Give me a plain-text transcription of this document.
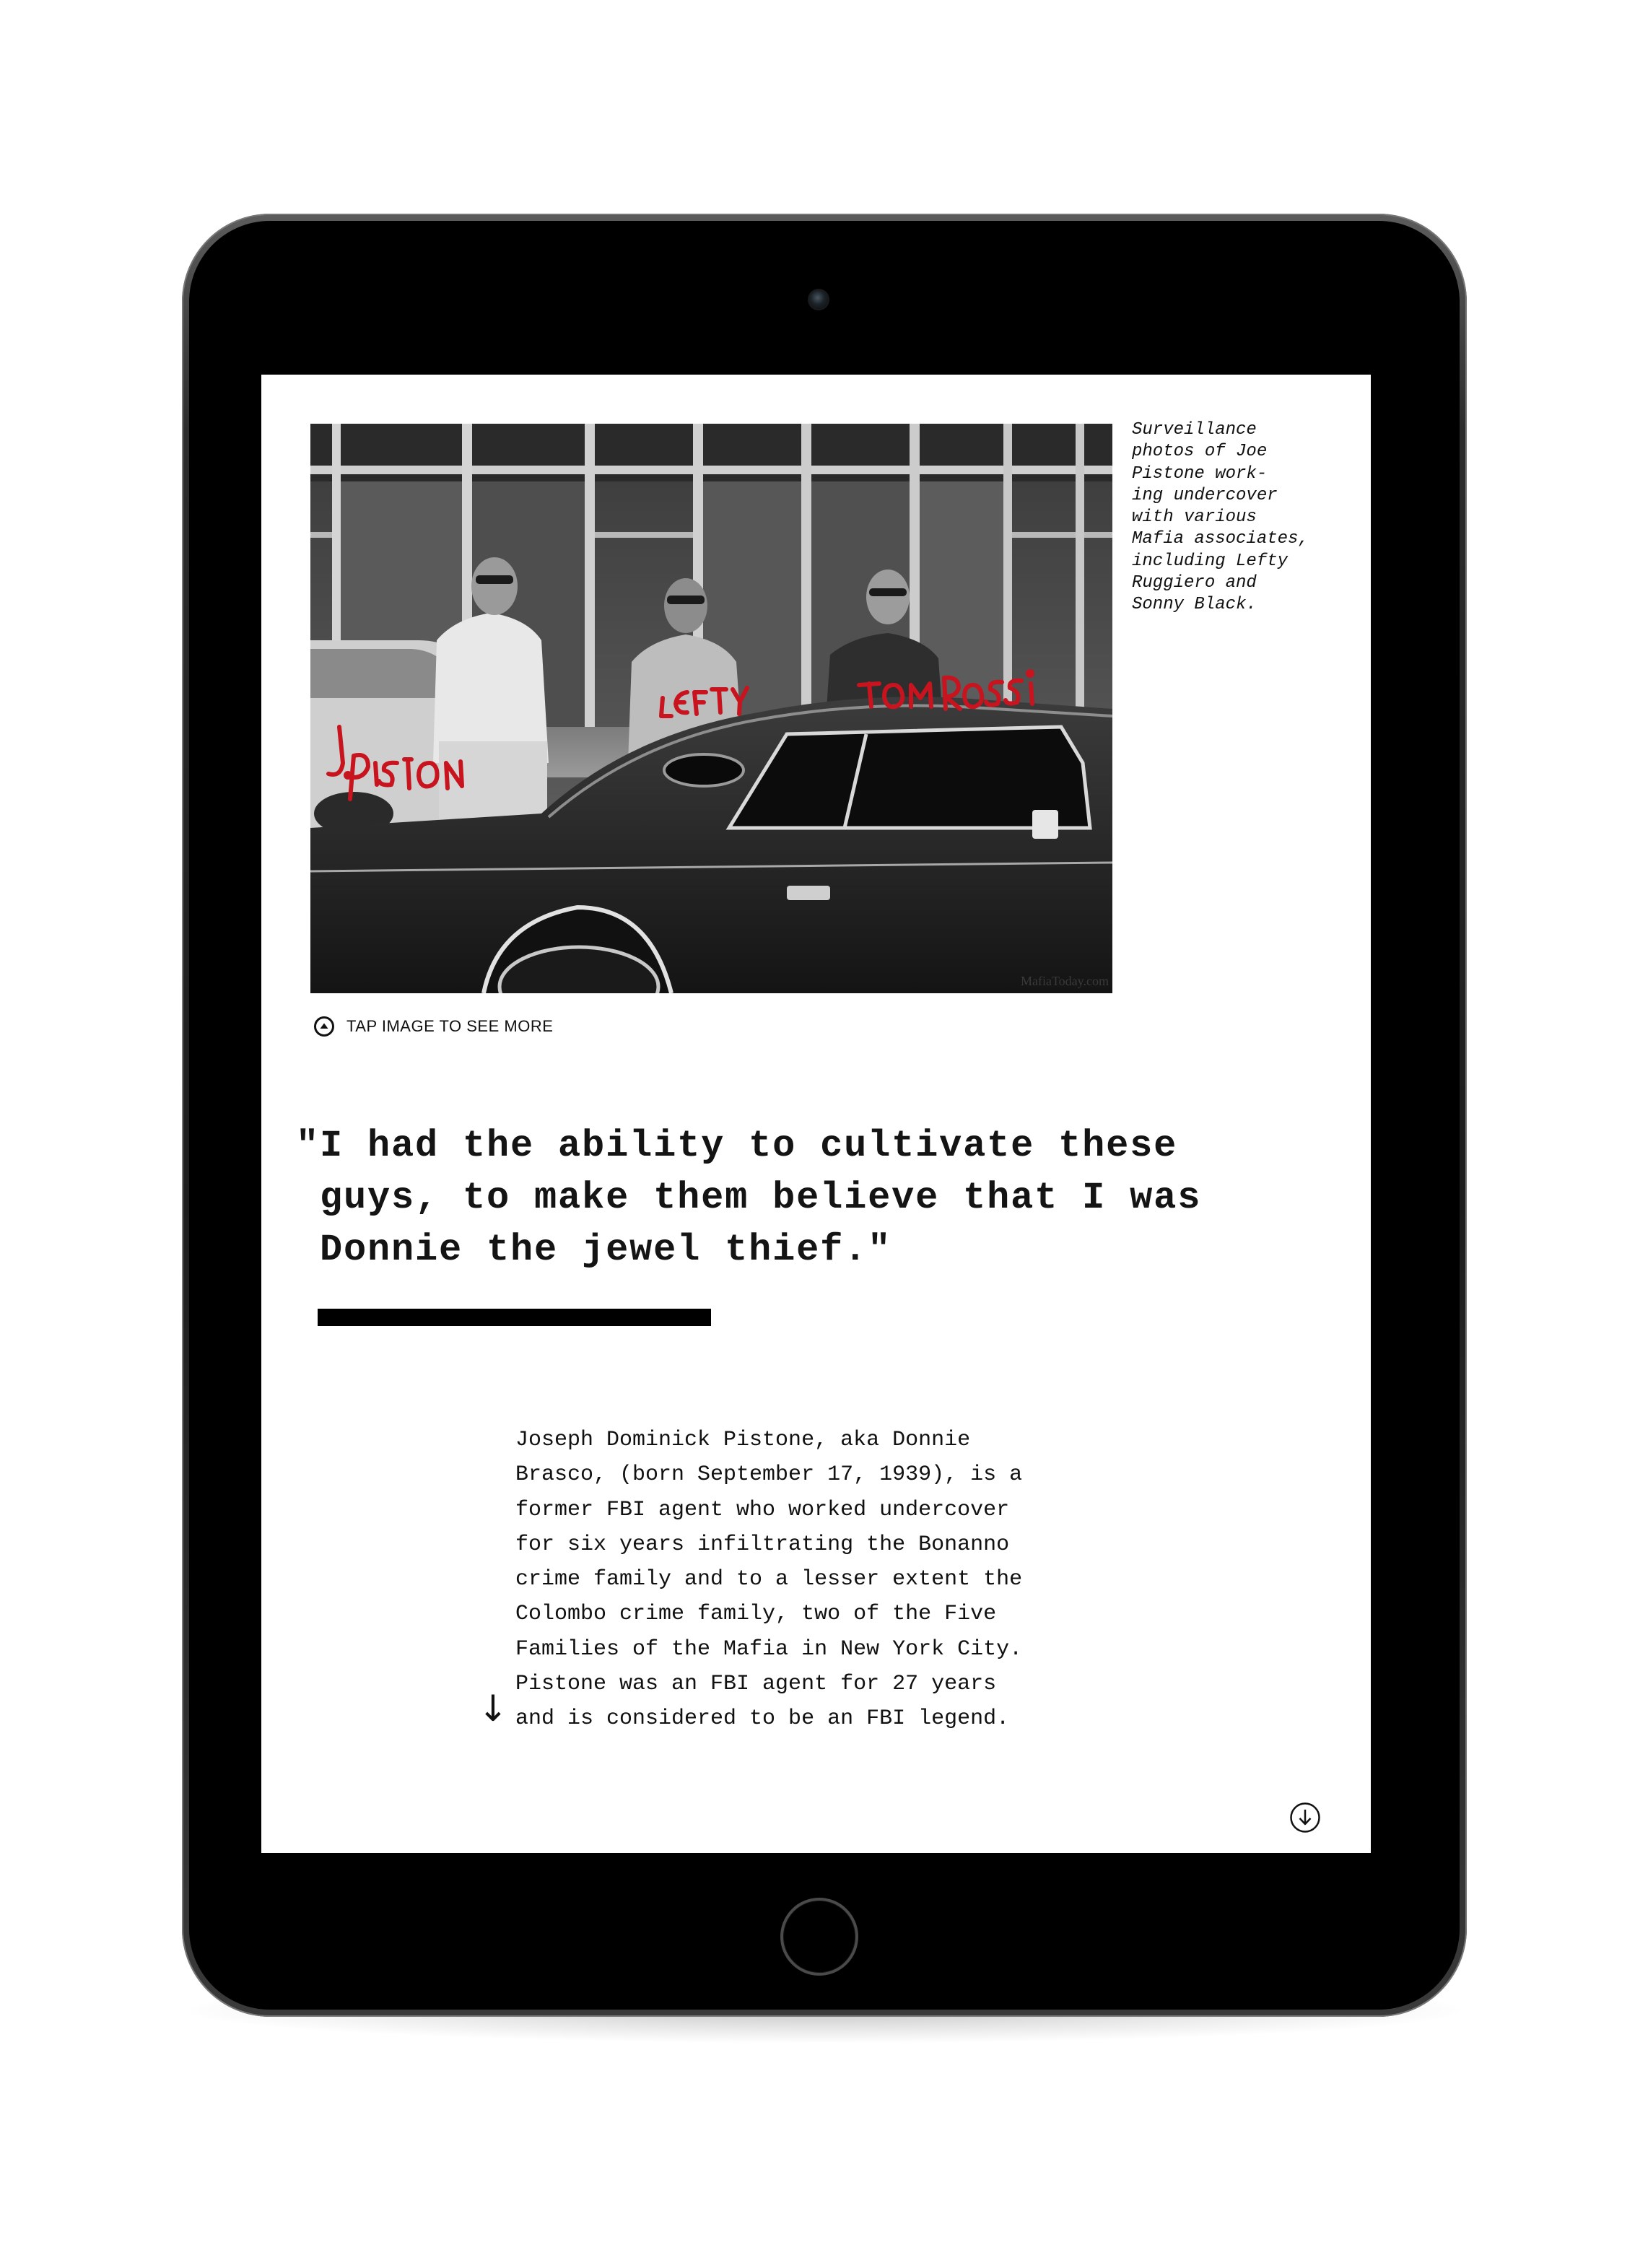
MafiaToday.com

Surveillance
photos of Joe
Pistone work-
ing undercover
with various
Mafia associates,
including Lefty
Ruggiero and
Sonny Black.

TAP IMAGE TO SEE MORE

"I had the ability to cultivate these
guys, to make them believe that I was
Donnie the jewel thief."

Joseph Dominick Pistone, aka Donnie
Brasco, (born September 17, 1939), is a
former FBI agent who worked undercover
for six years infiltrating the Bonanno
crime family and to a lesser extent the
Colombo crime family, two of the Five
Families of the Mafia in New York City.
Pistone was an FBI agent for 27 years
and is considered to be an FBI legend.

↓
